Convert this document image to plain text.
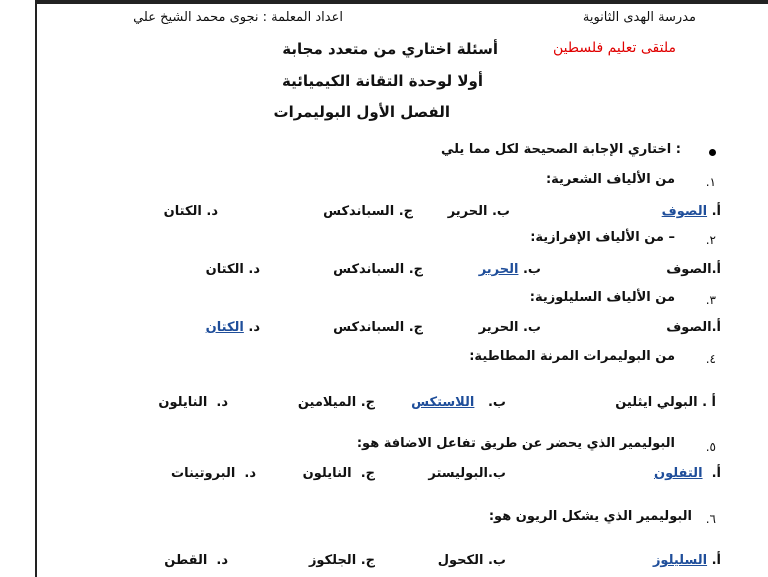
مدرسة الهدى الثانوية
اعداد المعلمة : نجوى محمد الشيخ علي
ملتقى تعليم فلسطين
أسئلة اختاري من متعدد مجابة
أولا لوحدة التقانة الكيميائية
الفصل الأول البوليمرات
: اختاري الإجابة الصحيحة لكل مما يلي
١.
من الألياف الشعرية:
أ. الصوف
ب. الحرير
ج. السباندكس
د. الكتان
٢.
– من الألياف الإفرازية:
أ.الصوف
ب. الحرير
ج. السباندكس
د. الكتان
٣.
من الألياف السليلوزية:
أ.الصوف
ب. الحرير
ج. السباندكس
د. الكتان
٤.
من البوليمرات المرنة المطاطية:
أ . البولي ايثلين
ب.   اللاستكس
ج. الميلامين
د.  النايلون
٥.
البوليمير الذي يحضر عن طريق تفاعل الاضافة هو:
أ.  التفلون
ب.البوليستر
ج.  النايلون
د.  البروتينات
٦.
البوليمير الذي يشكل الريون هو:
أ. السليلوز
ب. الكحول
ج. الجلكوز
د.  القطن
